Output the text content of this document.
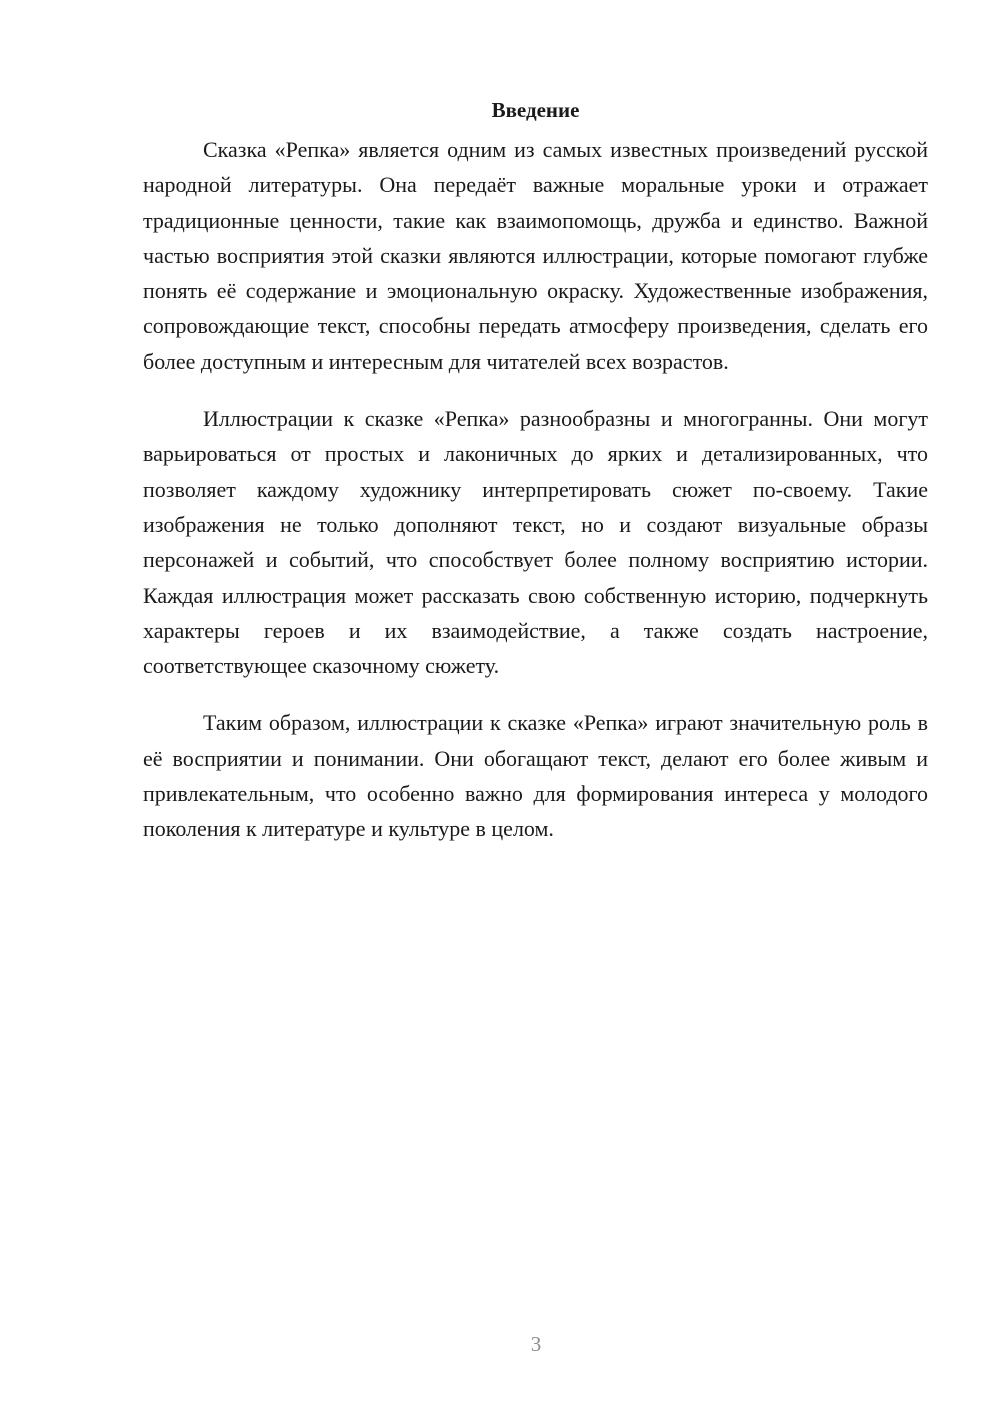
Введение

Сказка «Репка» является одним из самых известных произведений русской народной литературы. Она передаёт важные моральные уроки и отражает традиционные ценности, такие как взаимопомощь, дружба и единство. Важной частью восприятия этой сказки являются иллюстрации, которые помогают глубже понять её содержание и эмоциональную окраску. Художественные изображения, сопровождающие текст, способны передать атмосферу произведения, сделать его более доступным и интересным для читателей всех возрастов.

Иллюстрации к сказке «Репка» разнообразны и многогранны. Они могут варьироваться от простых и лаконичных до ярких и детализированных, что позволяет каждому художнику интерпретировать сюжет по-своему. Такие изображения не только дополняют текст, но и создают визуальные образы персонажей и событий, что способствует более полному восприятию истории. Каждая иллюстрация может рассказать свою собственную историю, подчеркнуть характеры героев и их взаимодействие, а также создать настроение, соответствующее сказочному сюжету.

Таким образом, иллюстрации к сказке «Репка» играют значительную роль в её восприятии и понимании. Они обогащают текст, делают его более живым и привлекательным, что особенно важно для формирования интереса у молодого поколения к литературе и культуре в целом.

3
